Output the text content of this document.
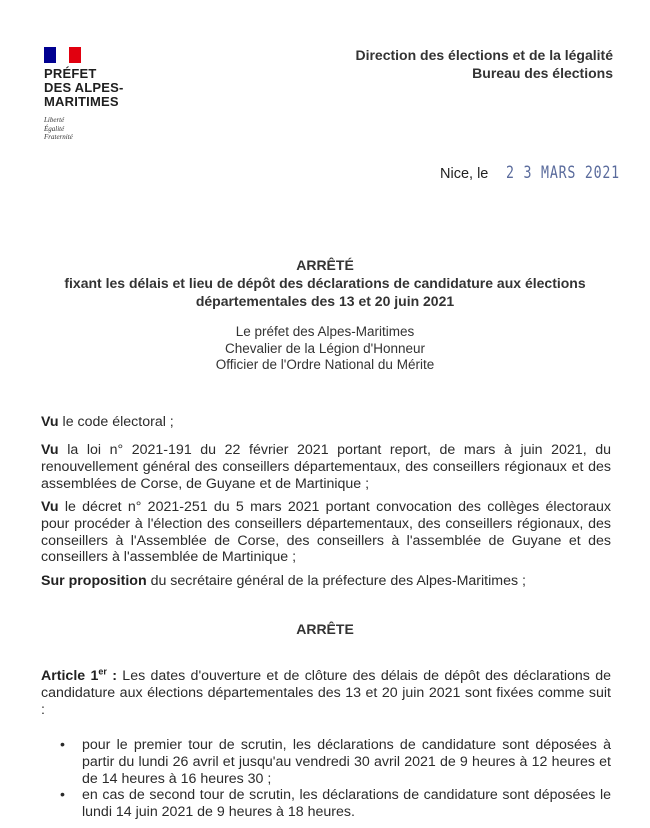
PRÉFET
DES ALPES-
MARITIMES
Liberté
Égalité
Fraternité
Direction des élections et de la légalité
Bureau des élections
Nice, le 2 3 MARS 2021
ARRÊTÉ
fixant les délais et lieu de dépôt des déclarations de candidature aux élections
départementales des 13 et 20 juin 2021
Le préfet des Alpes-Maritimes
Chevalier de la Légion d'Honneur
Officier de l'Ordre National du Mérite
Vu le code électoral ;
Vu la loi n° 2021-191 du 22 février 2021 portant report, de mars à juin 2021, du renouvellement général des conseillers départementaux, des conseillers régionaux et des assemblées de Corse, de Guyane et de Martinique ;
Vu le décret n° 2021-251 du 5 mars 2021 portant convocation des collèges électoraux pour procéder à l'élection des conseillers départementaux, des conseillers régionaux, des conseillers à l'Assemblée de Corse, des conseillers à l'assemblée de Guyane et des conseillers à l'assemblée de Martinique ;
Sur proposition du secrétaire général de la préfecture des Alpes-Maritimes ;
ARRÊTE
Article 1er : Les dates d'ouverture et de clôture des délais de dépôt des déclarations de candidature aux élections départementales des 13 et 20 juin 2021 sont fixées comme suit :
• pour le premier tour de scrutin, les déclarations de candidature sont déposées à partir du lundi 26 avril et jusqu'au vendredi 30 avril 2021 de 9 heures à 12 heures et de 14 heures à 16 heures 30 ;
• en cas de second tour de scrutin, les déclarations de candidature sont déposées le lundi 14 juin 2021 de 9 heures à 18 heures.
